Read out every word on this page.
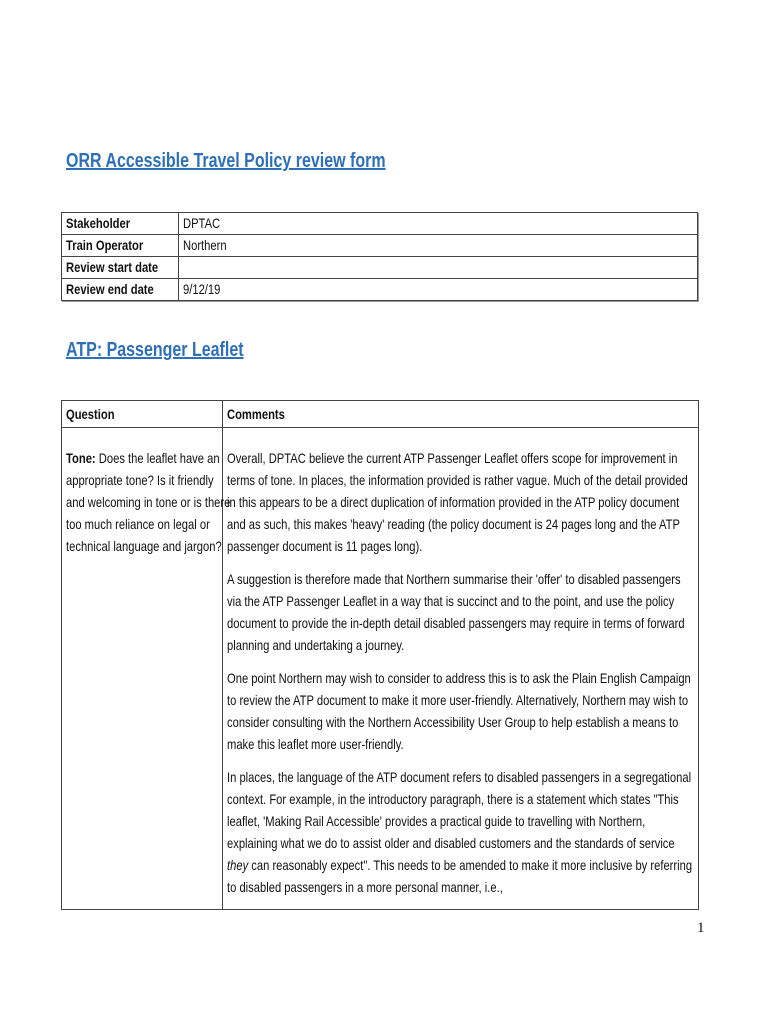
ORR Accessible Travel Policy review form
Stakeholder	DPTAC
Train Operator	Northern
Review start date	
Review end date	9/12/19
ATP: Passenger Leaflet
Question	Comments

Tone: Does the leaflet have an appropriate tone? Is it friendly and welcoming in tone or is there too much reliance on legal or technical language and jargon?	Overall, DPTAC believe the current ATP Passenger Leaflet offers scope for improvement in terms of tone. In places, the information provided is rather vague. Much of the detail provided in this appears to be a direct duplication of information provided in the ATP policy document and as such, this makes 'heavy' reading (the policy document is 24 pages long and the ATP passenger document is 11 pages long).

A suggestion is therefore made that Northern summarise their 'offer' to disabled passengers via the ATP Passenger Leaflet in a way that is succinct and to the point, and use the policy document to provide the in-depth detail disabled passengers may require in terms of forward planning and undertaking a journey.

One point Northern may wish to consider to address this is to ask the Plain English Campaign to review the ATP document to make it more user-friendly. Alternatively, Northern may wish to consider consulting with the Northern Accessibility User Group to help establish a means to make this leaflet more user-friendly.

In places, the language of the ATP document refers to disabled passengers in a segregational context. For example, in the introductory paragraph, there is a statement which states "This leaflet, 'Making Rail Accessible' provides a practical guide to travelling with Northern, explaining what we do to assist older and disabled customers and the standards of service they can reasonably expect". This needs to be amended to make it more inclusive by referring to disabled passengers in a more personal manner, i.e.,

1
